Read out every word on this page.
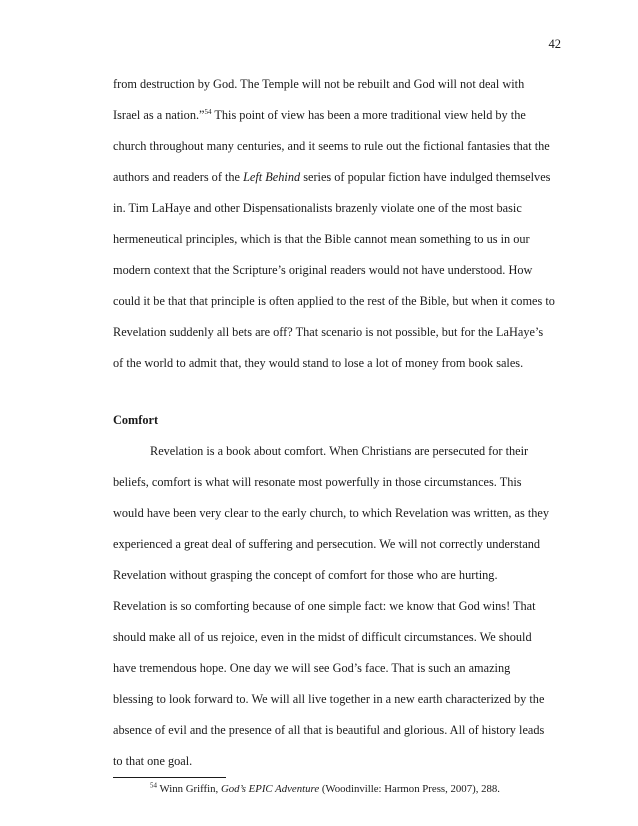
42
from destruction by God. The Temple will not be rebuilt and God will not deal with
Israel as a nation.”$^{54}$ This point of view has been a more traditional view held by the
church throughout many centuries, and it seems to rule out the fictional fantasies that the
authors and readers of the Left Behind series of popular fiction have indulged themselves
in. Tim LaHaye and other Dispensationalists brazenly violate one of the most basic
hermeneutical principles, which is that the Bible cannot mean something to us in our
modern context that the Scripture’s original readers would not have understood. How
could it be that that principle is often applied to the rest of the Bible, but when it comes to
Revelation suddenly all bets are off? That scenario is not possible, but for the LaHaye’s
of the world to admit that, they would stand to lose a lot of money from book sales.
Comfort
Revelation is a book about comfort. When Christians are persecuted for their
beliefs, comfort is what will resonate most powerfully in those circumstances. This
would have been very clear to the early church, to which Revelation was written, as they
experienced a great deal of suffering and persecution. We will not correctly understand
Revelation without grasping the concept of comfort for those who are hurting.
Revelation is so comforting because of one simple fact: we know that God wins! That
should make all of us rejoice, even in the midst of difficult circumstances. We should
have tremendous hope. One day we will see God’s face. That is such an amazing
blessing to look forward to. We will all live together in a new earth characterized by the
absence of evil and the presence of all that is beautiful and glorious. All of history leads
to that one goal.
$^{54}$ Winn Griffin, God’s EPIC Adventure (Woodinville: Harmon Press, 2007), 288.
